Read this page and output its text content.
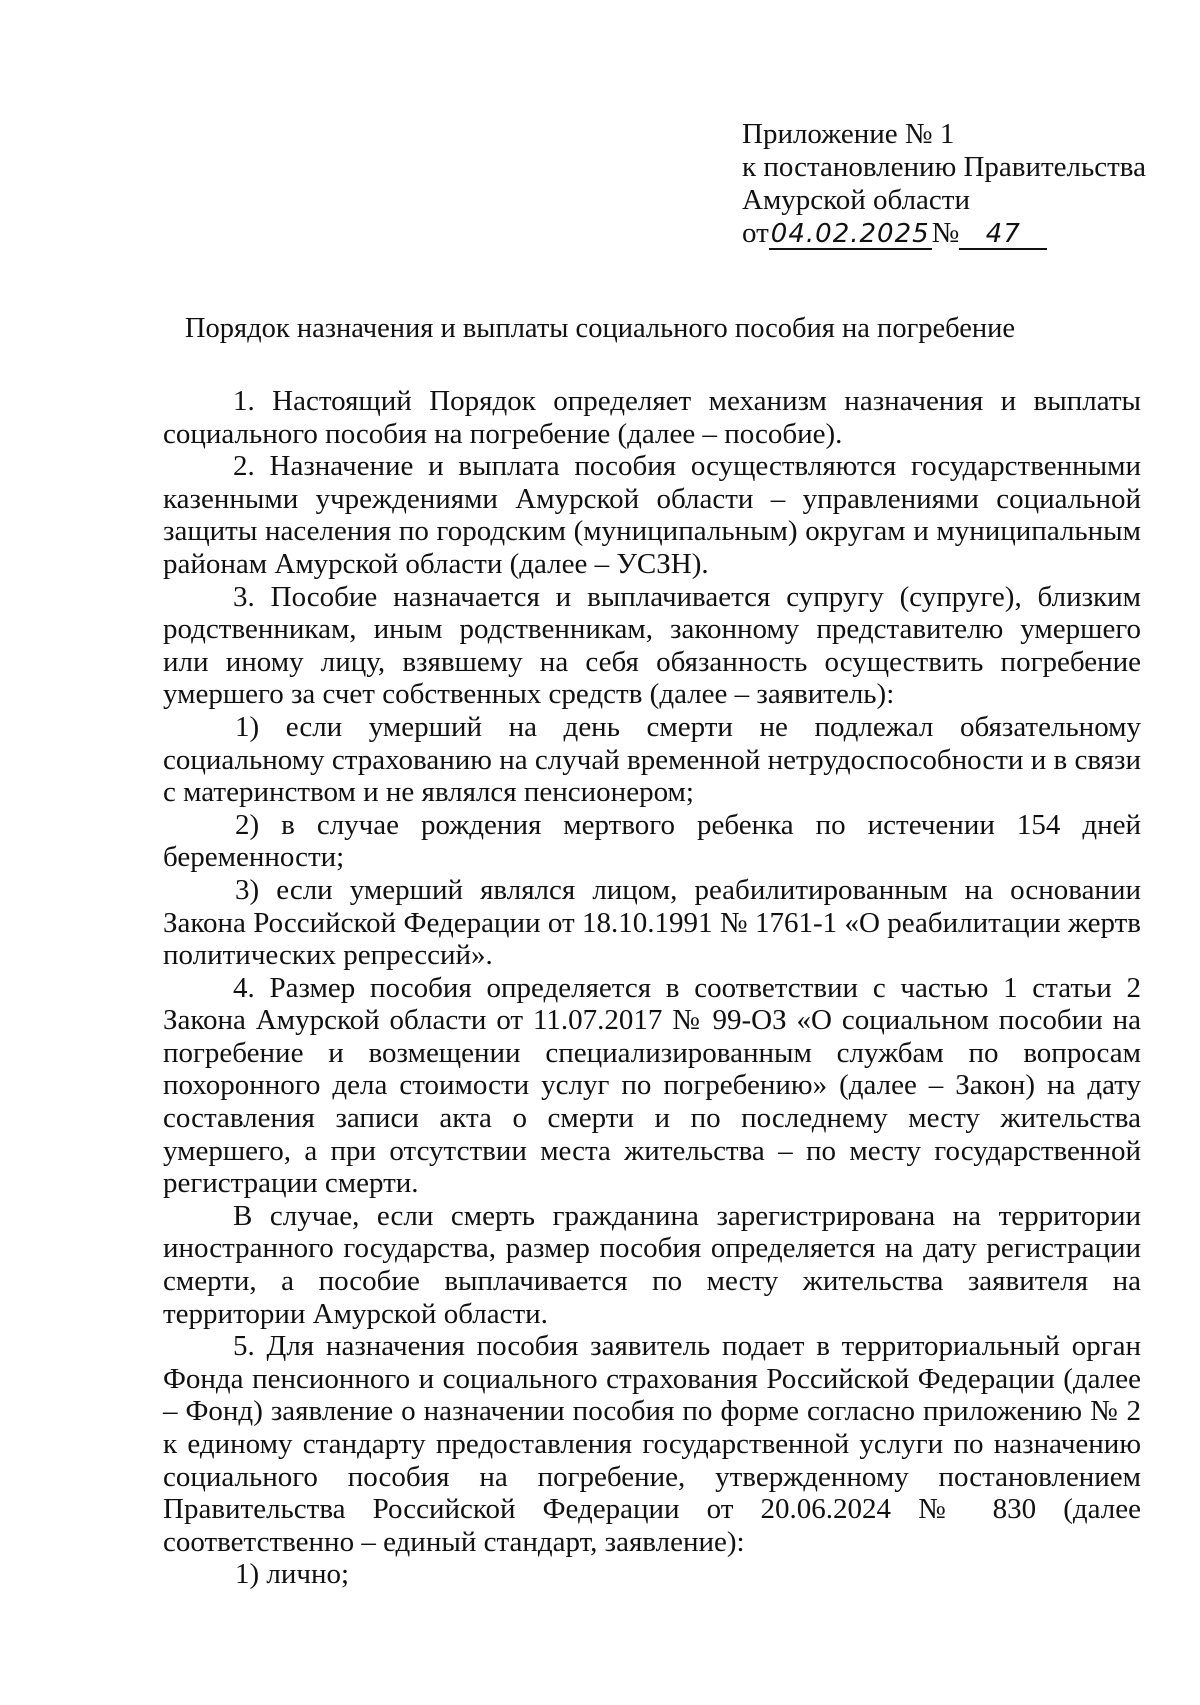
Приложение № 1
к постановлению Правительства
Амурской области
от04.02.2025№ 47
Порядок назначения и выплаты социального пособия на погребение

1. Настоящий Порядок определяет механизм назначения и выплаты социального пособия на погребение (далее – пособие).

2. Назначение и выплата пособия осуществляются государственными казенными учреждениями Амурской области – управлениями социальной защиты населения по городским (муниципальным) округам и муниципальным районам Амурской области (далее – УСЗН).

3. Пособие назначается и выплачивается супругу (супруге), близким родственникам, иным родственникам, законному представителю умершего или иному лицу, взявшему на себя обязанность осуществить погребение умершего за счет собственных средств (далее – заявитель):

1) если умерший на день смерти не подлежал обязательному социальному страхованию на случай временной нетрудоспособности и в связи с материнством и не являлся пенсионером;

2) в случае рождения мертвого ребенка по истечении 154 дней беременности;

3) если умерший являлся лицом, реабилитированным на основании Закона Российской Федерации от 18.10.1991 № 1761-1 «О реабилитации жертв политических репрессий».

4. Размер пособия определяется в соответствии с частью 1 статьи 2 Закона Амурской области от 11.07.2017 № 99-ОЗ «О социальном пособии на погребение и возмещении специализированным службам по вопросам похоронного дела стоимости услуг по погребению» (далее – Закон) на дату составления записи акта о смерти и по последнему месту жительства умершего, а при отсутствии места жительства – по месту государственной регистрации смерти.

В случае, если смерть гражданина зарегистрирована на территории иностранного государства, размер пособия определяется на дату регистрации смерти, а пособие выплачивается по месту жительства заявителя на территории Амурской области.

5. Для назначения пособия заявитель подает в территориальный орган Фонда пенсионного и социального страхования Российской Федерации (далее – Фонд) заявление о назначении пособия по форме согласно приложению № 2 к единому стандарту предоставления государственной услуги по назначению социального пособия на погребение, утвержденному постановлением Правительства Российской Федерации от 20.06.2024 № 830 (далее соответственно – единый стандарт, заявление):

1) лично;
